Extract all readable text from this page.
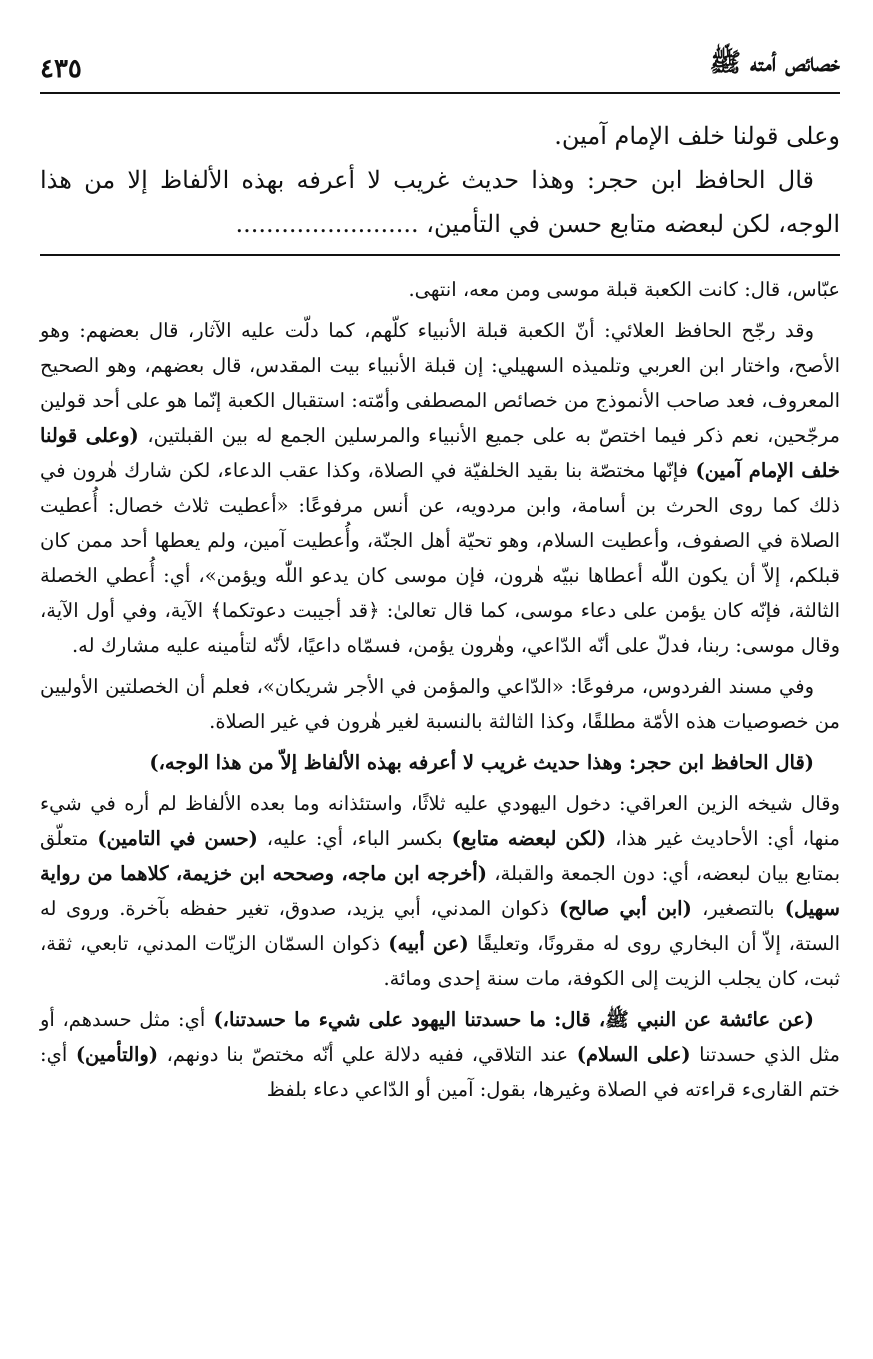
خصائص أمته ﷺ
٤٣٥

وعلى قولنا خلف الإمام آمين.

قال الحافظ ابن حجر: وهذا حديث غريب لا أعرفه بهذه الألفاظ إلا من هذا الوجه، لكن لبعضه متابع حسن في التأمين، ........................

عبّاس، قال: كانت الكعبة قبلة موسى ومن معه، انتهى.

وقد رجّح الحافظ العلائي: أنّ الكعبة قبلة الأنبياء كلّهم، كما دلّت عليه الآثار، قال بعضهم: وهو الأصح، واختار ابن العربي وتلميذه السهيلي: إن قبلة الأنبياء بيت المقدس، قال بعضهم، وهو الصحيح المعروف، فعد صاحب الأنموذج من خصائص المصطفى وأمّته: استقبال الكعبة إنّما هو على أحد قولين مرجّحين، نعم ذكر فيما اختصّ به على جميع الأنبياء والمرسلين الجمع له بين القبلتين، (وعلى قولنا خلف الإمام آمين) فإنّها مختصّة بنا بقيد الخلفيّة في الصلاة، وكذا عقب الدعاء، لكن شارك هٰرون في ذلك كما روى الحرث بن أسامة، وابن مردويه، عن أنس مرفوعًا: «أعطيت ثلاث خصال: أُعطيت الصلاة في الصفوف، وأعطيت السلام، وهو تحيّة أهل الجنّة، وأُعطيت آمين، ولم يعطها أحد ممن كان قبلكم، إلاّ أن يكون اللّٰه أعطاها نبيّه هٰرون، فإن موسى كان يدعو اللّٰه ويؤمن»، أي: أُعطي الخصلة الثالثة، فإنّه كان يؤمن على دعاء موسى، كما قال تعالىٰ: ﴿قد أجيبت دعوتكما﴾ الآية، وفي أول الآية، وقال موسى: ربنا، فدلّ على أنّه الدّاعي، وهٰرون يؤمن، فسمّاه داعيًا، لأنّه لتأمينه عليه مشارك له.

وفي مسند الفردوس، مرفوعًا: «الدّاعي والمؤمن في الأجر شريكان»، فعلم أن الخصلتين الأوليين من خصوصيات هذه الأمّة مطلقًا، وكذا الثالثة بالنسبة لغير هٰرون في غير الصلاة.

(قال الحافظ ابن حجر: وهذا حديث غريب لا أعرفه بهذه الألفاظ إلاّ من هذا الوجه،)

وقال شيخه الزين العراقي: دخول اليهودي عليه ثلاثًا، واستئذانه وما بعده الألفاظ لم أره في شيء منها، أي: الأحاديث غير هذا، (لكن لبعضه متابع) بكسر الباء، أي: عليه، (حسن في التامين) متعلّق بمتابع بيان لبعضه، أي: دون الجمعة والقبلة، (أخرجه ابن ماجه، وصححه ابن خزيمة، كلاهما من رواية سهيل) بالتصغير، (ابن أبي صالح) ذكوان المدني، أبي يزيد، صدوق، تغير حفظه بآخرة. وروى له الستة، إلاّ أن البخاري روى له مقرونًا، وتعليقًا (عن أبيه) ذكوان السمّان الزيّات المدني، تابعي، ثقة، ثبت، كان يجلب الزيت إلى الكوفة، مات سنة إحدى ومائة.

(عن عائشة عن النبي ﷺ، قال: ما حسدتنا اليهود على شيء ما حسدتنا،) أي: مثل حسدهم، أو مثل الذي حسدتنا (على السلام) عند التلاقي، ففيه دلالة علي أنّه مختصّ بنا دونهم، (والتأمين) أي: ختم القارىء قراءته في الصلاة وغيرها، بقول: آمين أو الدّاعي دعاء بلفظ
